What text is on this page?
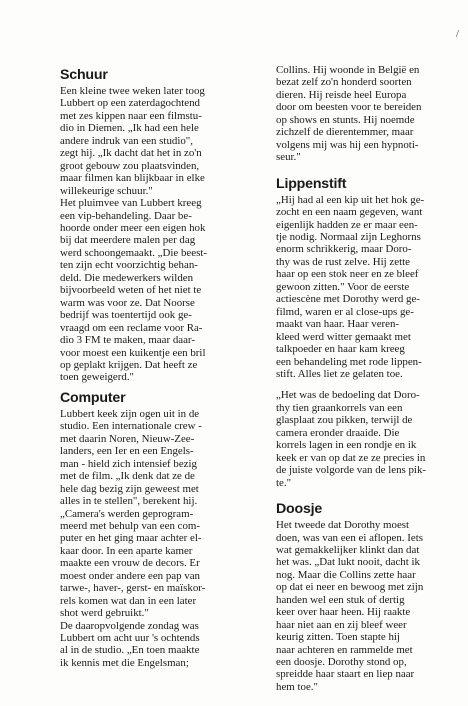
/
Schuur
Een kleine twee weken later toog
Lubbert op een zaterdagochtend
met zes kippen naar een filmstu-
dio in Diemen. „Ik had een hele
andere indruk van een studio",
zegt hij. „Ik dacht dat het in zo'n
groot gebouw zou plaatsvinden,
maar filmen kan blijkbaar in elke
willekeurige schuur."
Het pluimvee van Lubbert kreeg
een vip-behandeling. Daar be-
hoorde onder meer een eigen hok
bij dat meerdere malen per dag
werd schoongemaakt. „Die beest-
ten zijn echt voorzichtig behan-
deld. Die medewerkers wilden
bijvoorbeeld weten of het niet te
warm was voor ze. Dat Noorse
bedrijf was toentertijd ook ge-
vraagd om een reclame voor Ra-
dio 3 FM te maken, maar daar-
voor moest een kuikentje een bril
op geplakt krijgen. Dat heeft ze
toen geweigerd."
Computer
Lubbert keek zijn ogen uit in de
studio. Een internationale crew -
met daarin Noren, Nieuw-Zee-
landers, een Ier en een Engels-
man - hield zich intensief bezig
met de film. „Ik denk dat ze de
hele dag bezig zijn geweest met
alles in te stellen", berekent hij.
„Camera's werden geprogram-
meerd met behulp van een com-
puter en het ging maar achter el-
kaar door. In een aparte kamer
maakte een vrouw de decors. Er
moest onder andere een pap van
tarwe-, haver-, gerst- en maïskor-
rels komen wat dan in een later
shot werd gebruikt."
De daaropvolgende zondag was
Lubbert om acht uur 's ochtends
al in de studio. „En toen maakte
ik kennis met die Engelsman;
Collins. Hij woonde in België en
bezat zelf zo'n honderd soorten
dieren. Hij reisde heel Europa
door om beesten voor te bereiden
op shows en stunts. Hij noemde
zichzelf de dierentemmer, maar
volgens mij was hij een hypnoti-
seur."
Lippenstift
„Hij had al een kip uit het hok ge-
zocht en een naam gegeven, want
eigenlijk hadden ze er maar een-
tje nodig. Normaal zijn Leghorns
enorm schrikkerig, maar Doro-
thy was de rust zelve. Hij zette
haar op een stok neer en ze bleef
gewoon zitten." Voor de eerste
actiescène met Dorothy werd ge-
filmd, waren er al close-ups ge-
maakt van haar. Haar veren-
kleed werd witter gemaakt met
talkpoeder en haar kam kreeg
een behandeling met rode lippen-
stift. Alles liet ze gelaten toe.
„Het was de bedoeling dat Doro-
thy tien graankorrels van een
glasplaat zou pikken, terwijl de
camera eronder draaide. Die
korrels lagen in een rondje en ik
keek er van op dat ze ze precies in
de juiste volgorde van de lens pik-
te."
Doosje
Het tweede dat Dorothy moest
doen, was van een ei aflopen. Iets
wat gemakkelijker klinkt dan dat
het was. „Dat lukt nooit, dacht ik
nog. Maar die Collins zette haar
op dat ei neer en bewoog met zijn
handen wel een stuk of dertig
keer over haar heen. Hij raakte
haar niet aan en zij bleef weer
keurig zitten. Toen stapte hij
naar achteren en rammelde met
een doosje. Dorothy stond op,
spreidde haar staart en liep naar
hem toe."
